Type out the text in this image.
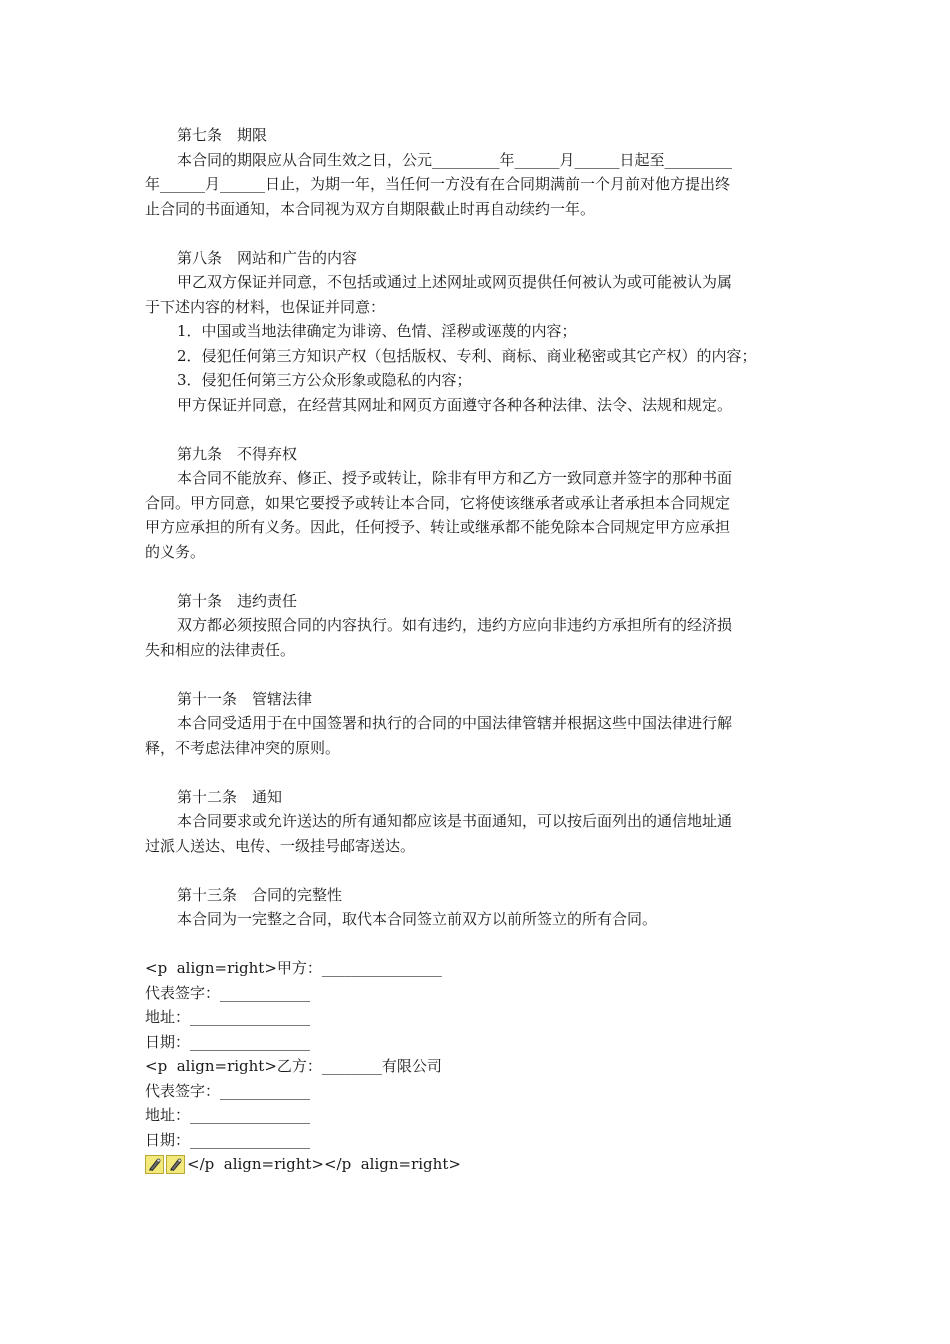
第七条　期限
本合同的期限应从合同生效之日，公元_________年______月______日起至_________
年______月______日止，为期一年，当任何一方没有在合同期满前一个月前对他方提出终
止合同的书面通知，本合同视为双方自期限截止时再自动续约一年。
第八条　网站和广告的内容
甲乙双方保证并同意，不包括或通过上述网址或网页提供任何被认为或可能被认为属
于下述内容的材料，也保证并同意：
1．中国或当地法律确定为诽谤、色情、淫秽或诬蔑的内容；
2．侵犯任何第三方知识产权（包括版权、专利、商标、商业秘密或其它产权）的内容；
3．侵犯任何第三方公众形象或隐私的内容；
甲方保证并同意，在经营其网址和网页方面遵守各种各种法律、法令、法规和规定。
第九条　不得弃权
本合同不能放弃、修正、授予或转让，除非有甲方和乙方一致同意并签字的那种书面
合同。甲方同意，如果它要授予或转让本合同，它将使该继承者或承让者承担本合同规定
甲方应承担的所有义务。因此，任何授予、转让或继承都不能免除本合同规定甲方应承担
的义务。
第十条　违约责任
双方都必须按照合同的内容执行。如有违约，违约方应向非违约方承担所有的经济损
失和相应的法律责任。
第十一条　管辖法律
本合同受适用于在中国签署和执行的合同的中国法律管辖并根据这些中国法律进行解
释，不考虑法律冲突的原则。
第十二条　通知
本合同要求或允许送达的所有通知都应该是书面通知，可以按后面列出的通信地址通
过派人送达、电传、一级挂号邮寄送达。
第十三条　合同的完整性
本合同为一完整之合同，取代本合同签立前双方以前所签立的所有合同。
<p  align=right>甲方：________________
代表签字：____________
地址：________________
日期：________________
<p  align=right>乙方：________有限公司
代表签字：____________
地址：________________
日期：________________

</p  align=right></p  align=right>
